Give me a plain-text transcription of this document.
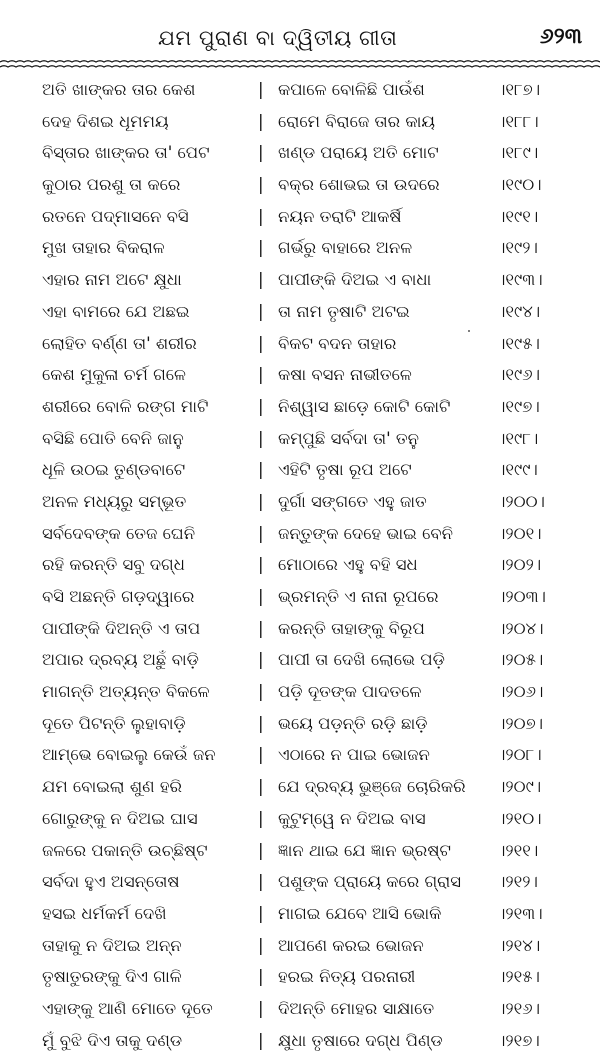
ଯମ ପୁରାଣ ବା ଦ୍ୱିତୀୟ ଗୀତା	୬୨୩
ଅତି ଖାଙ୍କର ତାର କେଶ	| କପାଳେ ବୋଳିଛି ପାଉଁଶ	।୧୮୭।
ଦେହ ଦିଶଇ ଧୂମମୟ	| ରୋମେ ବିରାଜେ ତାର କାୟ	।୧୮୮।
ବିସ୍ତାର ଖାଙ୍କର ତା' ପେଟ	| ଖଣ୍ଡ ପରାୟେ ଅତି ମୋଟ	।୧୮୯।
କୁଠାର ପରଶୁ ତା କରେ	| ବକ୍ର ଶୋଭଇ ତା ଉଦରେ	।୧୯୦।
ରତନେ ପଦ୍ମାସନେ ବସି	| ନୟନ ତରାଟି ଆକର୍ଷି	।୧୯୧।
ମୁଖ ତାହାର ବିକରାଳ	| ଗର୍ଭରୁ ବାହାରେ ଅନଳ	।୧୯୨।
ଏହାର ନାମ ଅଟେ କ୍ଷୁଧା	| ପାପୀଙ୍କି ଦିଅଇ ଏ ବାଧା	।୧୯୩।
ଏହା ବାମରେ ଯେ ଅଛଇ	| ତା ନାମ ତୃଷାଟି ଅଟଇ	।୧୯୪।
ଲୋହିତ ବର୍ଣ୍ଣ ତା' ଶରୀର	| ବିକଟ ବଦନ ତାହାର	।୧୯୫।
କେଶ ମୁକୁଳା ଚର୍ମ ଗଳେ	| କଷା ବସନ ନାଭୀତଳେ	।୧୯୬।
ଶରୀରେ ବୋଳି ରଙ୍ଗ ମାଟି	| ନିଶ୍ୱାସ ଛାଡ଼େ କୋଟି କୋଟି	।୧୯୭।
ବସିଛି ପୋତି ବେନି ଜାନୁ	| କମ୍ପୁଛି ସର୍ବଦା ତା' ତନୁ	।୧୯୮।
ଧୂଳି ଉଠଇ ତୁଣ୍ଡବାଟେ	| ଏହିଟି ତୃଷା ରୂପ ଅଟେ	।୧୯୯।
ଅନଳ ମଧ୍ୟରୁ ସମ୍ଭୂତ	| ଦୁର୍ଗା ସଙ୍ଗତେ ଏହୁ ଜାତ	।୨୦୦।
ସର୍ବଦେବଙ୍କ ତେଜ ଘେନି	| ଜନ୍ତୁଙ୍କ ଦେହେ ଭାଇ ବେନି	।୨୦୧।
ରହି କରନ୍ତି ସବୁ ଦଗ୍‌ଧ	| ମୋଠାରେ ଏହୁ ବହି ସଧ	।୨୦୨।
ବସି ଅଛନ୍ତି ଗଡ଼ଦ୍ୱାରେ	| ଭ୍ରମନ୍ତି ଏ ନାନା ରୂପରେ	।୨୦୩।
ପାପୀଙ୍କି ଦିଅନ୍ତି ଏ ତାପ	| କରନ୍ତି ତାହାଙ୍କୁ ବିରୂପ	।୨୦୪।
ଅପାର ଦ୍ରବ୍ୟ ଅଛୁଁ ବାଡ଼ି	| ପାପୀ ତା ଦେଖି ଲୋଭେ ପଡ଼ି	।୨୦୫।
ମାଗନ୍ତି ଅତ୍ୟନ୍ତ ବିକଳେ	| ପଡ଼ି ଦୂତଙ୍କ ପାଦତଳେ	।୨୦୬।
ଦୂତେ ପିଟନ୍ତି ଲୁହାବାଡ଼ି	| ଭୟେ ପଡ଼ନ୍ତି ରଡ଼ି ଛାଡ଼ି	।୨୦୭।
ଆମ୍ଭେ ବୋଇଲୁ କେଉଁ ଜନ	| ଏଠାରେ ନ ପାଇ ଭୋଜନ	।୨୦୮।
ଯମ ବୋଇଲା ଶୁଣ ହରି	| ଯେ ଦ୍ରବ୍ୟ ଭୁଞ୍ଜେ ଚୋରିକରି ।୨୦୯।
ଗୋରୁଙ୍କୁ ନ ଦିଅଇ ଘାସ	| କୁଟୁମ୍ୱେ ନ ଦିଅଇ ବାସ	।୨୧୦।
ଜଳରେ ପକାନ୍ତି ଉଚ୍ଛିଷ୍ଟ	| ଜ୍ଞାନ ଥାଇ ଯେ ଜ୍ଞାନ ଭ୍ରଷ୍ଟ	।୨୧୧।
ସର୍ବଦା ହୁଏ ଅସନ୍ତୋଷ	| ପଶୁଙ୍କ ପ୍ରାୟେ କରେ ଗ୍ରାସ ।୨୧୨।
ହସଇ ଧର୍ମକର୍ମ ଦେଖି	| ମାଗଇ ଯେବେ ଆସି ଭୋକି	।୨୧୩।
ତାହାକୁ ନ ଦିଅଇ ଅନ୍ନ	| ଆପଣେ କରଇ ଭୋଜନ	।୨୧୪।
ତୃଷାତୁରଙ୍କୁ ଦିଏ ଗାଳି	| ହରଇ ନିତ୍ୟ ପରନାରୀ	।୨୧୫।
ଏହାଙ୍କୁ ଆଣି ମୋତେ ଦୂତେ	| ଦିଅନ୍ତି ମୋହର ସାକ୍ଷାତେ	।୨୧୬।
ମୁଁ ବୁଝି ଦିଏ ତାକୁ ଦଣ୍ଡ	| କ୍ଷୁଧା ତୃଷାରେ ଦଗ୍‌ଧ ପିଣ୍ଡ	।୨୧୭।
